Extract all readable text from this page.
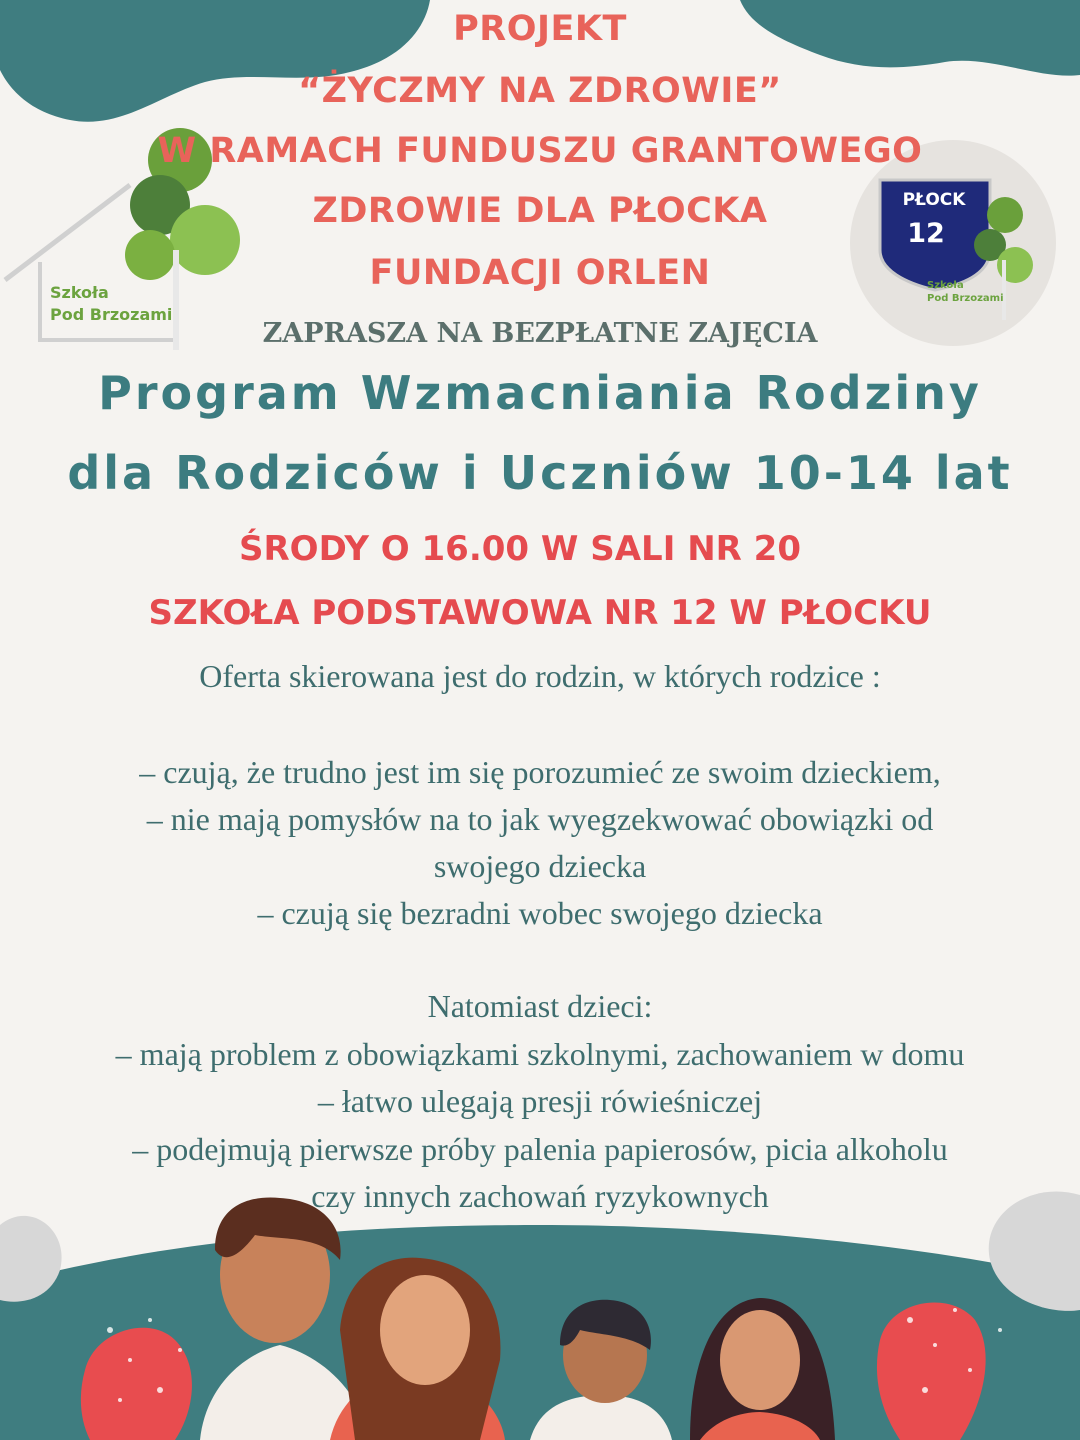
PROJEKT
“ŻYCZMY NA ZDROWIE”
W RAMACH FUNDUSZU GRANTOWEGO
ZDROWIE DLA PŁOCKA
FUNDACJI ORLEN
Szkoła
Pod Brzozami
PŁOCK
12
Szkoła
Pod Brzozami
ZAPRASZA NA BEZPŁATNE ZAJĘCIA
Program Wzmacniania Rodziny
dla Rodziców i Uczniów 10-14 lat
ŚRODY O 16.00 W SALI NR 20
SZKOŁA PODSTAWOWA NR 12 W PŁOCKU
Oferta skierowana jest do rodzin, w których rodzice :
– czują, że trudno jest im się porozumieć ze swoim dzieckiem,
– nie mają pomysłów na to jak wyegzekwować obowiązki od
swojego dziecka
– czują się bezradni wobec swojego dziecka
Natomiast dzieci:
– mają problem z obowiązkami szkolnymi, zachowaniem w domu
– łatwo ulegają presji rówieśniczej
– podejmują pierwsze próby palenia papierosów, picia alkoholu
czy innych zachowań ryzykownych
